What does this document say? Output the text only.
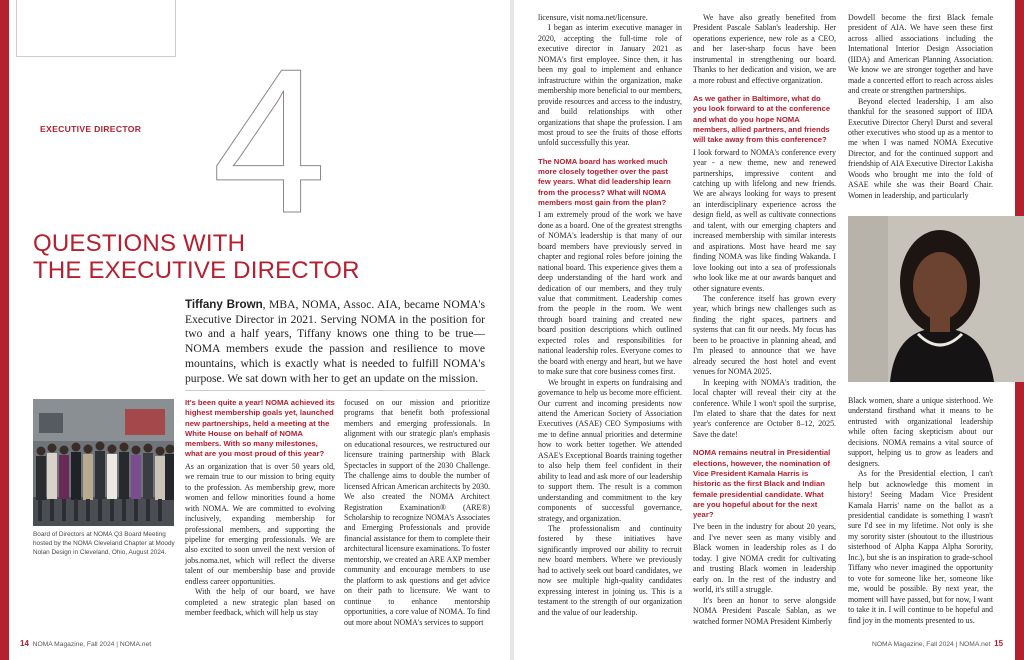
EXECUTIVE DIRECTOR 4
QUESTIONS WITH
THE EXECUTIVE DIRECTOR
Tiffany Brown, MBA, NOMA, Assoc. AIA, became NOMA's Executive Director in 2021. Serving NOMA in the position for two and a half years, Tiffany knows one thing to be true—NOMA members exude the passion and resilience to move mountains, which is exactly what is needed to fulfill NOMA's purpose. We sat down with her to get an update on the mission.
Board of Directors at NOMA Q3 Board Meeting hosted by the NOMA Cleveland Chapter at Moody Nolan Design in Cleveland, Ohio, August 2024.
It's been quite a year! NOMA achieved its highest membership goals yet, launched new partnerships, held a meeting at the White House on behalf of NOMA members. With so many milestones, what are you most proud of this year?

As an organization that is over 50 years old, we remain true to our mission to bring equity to the profession. As membership grew, more women and fellow minorities found a home with NOMA. We are committed to evolving inclusively, expanding membership for professional members, and supporting the pipeline for emerging professionals. We are also excited to soon unveil the next version of jobs.noma.net, which will reflect the diverse talent of our membership base and provide endless career opportunities.

With the help of our board, we have completed a new strategic plan based on member feedback, which will help us stay

focused on our mission and prioritize programs that benefit both professional members and emerging professionals. In alignment with our strategic plan's emphasis on educational resources, we restructured our licensure training partnership with Black Spectacles in support of the 2030 Challenge. The challenge aims to double the number of licensed African American architects by 2030. We also created the NOMA Architect Registration Examination® (ARE®) Scholarship to recognize NOMA's Associates and Emerging Professionals and provide financial assistance for them to complete their architectural licensure examinations. To foster mentorship, we created an ARE AXP member community and encourage members to use the platform to ask questions and get advice on their path to licensure. We want to continue to enhance mentorship opportunities, a core value of NOMA. To find out more about NOMA's services to support

licensure, visit noma.net/licensure.

I began as interim executive manager in 2020, accepting the full-time role of executive director in January 2021 as NOMA's first employee. Since then, it has been my goal to implement and enhance infrastructure within the organization, make membership more beneficial to our members, provide resources and access to the industry, and build relationships with other organizations that shape the profession. I am most proud to see the fruits of those efforts unfold successfully this year.

The NOMA board has worked much more closely together over the past few years. What did leadership learn from the process? What will NOMA members most gain from the plan?

I am extremely proud of the work we have done as a board. One of the greatest strengths of NOMA's leadership is that many of our board members have previously served in chapter and regional roles before joining the national board. This experience gives them a deep understanding of the hard work and dedication of our members, and they truly value that commitment. Leadership comes from the people in the room. We went through board training and created new board position descriptions which outlined expected roles and responsibilities for national leadership roles. Everyone comes to the board with energy and heart, but we have to make sure that core business comes first.

We brought in experts on fundraising and governance to help us become more efficient. Our current and incoming presidents now attend the American Society of Association Executives (ASAE) CEO Symposiums with me to define annual priorities and determine how to work better together. We attended ASAE's Exceptional Boards training together to also help them feel confident in their ability to lead and ask more of our leadership to support them. The result is a common understanding and commitment to the key components of successful governance, strategy, and organization.

The professionalism and continuity fostered by these initiatives have significantly improved our ability to recruit new board members. Where we previously had to actively seek out board candidates, we now see multiple high-quality candidates expressing interest in joining us. This is a testament to the strength of our organization and the value of our leadership.

We have also greatly benefited from President Pascale Sablan's leadership. Her operations experience, new role as a CEO, and her laser-sharp focus have been instrumental in strengthening our board. Thanks to her dedication and vision, we are a more robust and effective organization.

As we gather in Baltimore, what do you look forward to at the conference and what do you hope NOMA members, allied partners, and friends will take away from this conference?

I look forward to NOMA's conference every year - a new theme, new and renewed partnerships, impressive content and catching up with lifelong and new friends. We are always looking for ways to present an interdisciplinary experience across the design field, as well as cultivate connections and talent, with our emerging chapters and increased membership with similar interests and aspirations. Most have heard me say finding NOMA was like finding Wakanda. I love looking out into a sea of professionals who look like me at our awards banquet and other signature events.

The conference itself has grown every year, which brings new challenges such as finding the right spaces, partners and systems that can fit our needs. My focus has been to be proactive in planning ahead, and I'm pleased to announce that we have already secured the host hotel and event venues for NOMA 2025.

In keeping with NOMA's tradition, the local chapter will reveal their city at the conference. While I won't spoil the surprise, I'm elated to share that the dates for next year's conference are October 8–12, 2025. Save the date!

NOMA remains neutral in Presidential elections, however, the nomination of Vice President Kamala Harris is historic as the first Black and Indian female presidential candidate. What are you hopeful about for the next year?

I've been in the industry for about 20 years, and I've never seen as many visibly and Black women in leadership roles as I do today. I give NOMA credit for cultivating and trusting Black women in leadership early on. In the rest of the industry and world, it's still a struggle.

It's been an honor to serve alongside NOMA President Pascale Sablan, as we watched former NOMA President Kimberly

Dowdell become the first Black female president of AIA. We have seen these first across allied associations including the International Interior Design Association (IIDA) and American Planning Association. We know we are stronger together and have made a concerted effort to reach across aisles and create or strengthen partnerships.

Beyond elected leadership, I am also thankful for the seasoned support of IIDA Executive Director Cheryl Durst and several other executives who stood up as a mentor to me when I was named NOMA Executive Director, and for the continued support and friendship of AIA Executive Director Lakisha Woods who brought me into the fold of ASAE while she was their Board Chair. Women in leadership, and particularly

Black women, share a unique sisterhood. We understand firsthand what it means to be entrusted with organizational leadership while often facing skepticism about our decisions. NOMA remains a vital source of support, helping us to grow as leaders and designers.

As for the Presidential election, I can't help but acknowledge this moment in history! Seeing Madam Vice President Kamala Harris' name on the ballot as a presidential candidate is something I wasn't sure I'd see in my lifetime. Not only is she my sorority sister (shoutout to the illustrious sisterhood of Alpha Kappa Alpha Sorority, Inc.), but she is an inspiration to grade-school Tiffany who never imagined the opportunity to vote for someone like her, someone like me, would be possible. By next year, the moment will have passed, but for now, I want to take it in. I will continue to be hopeful and find joy in the moments presented to us.

14 NOMA Magazine, Fall 2024 | NOMA.net	NOMA Magazine, Fall 2024 | NOMA.net 15
